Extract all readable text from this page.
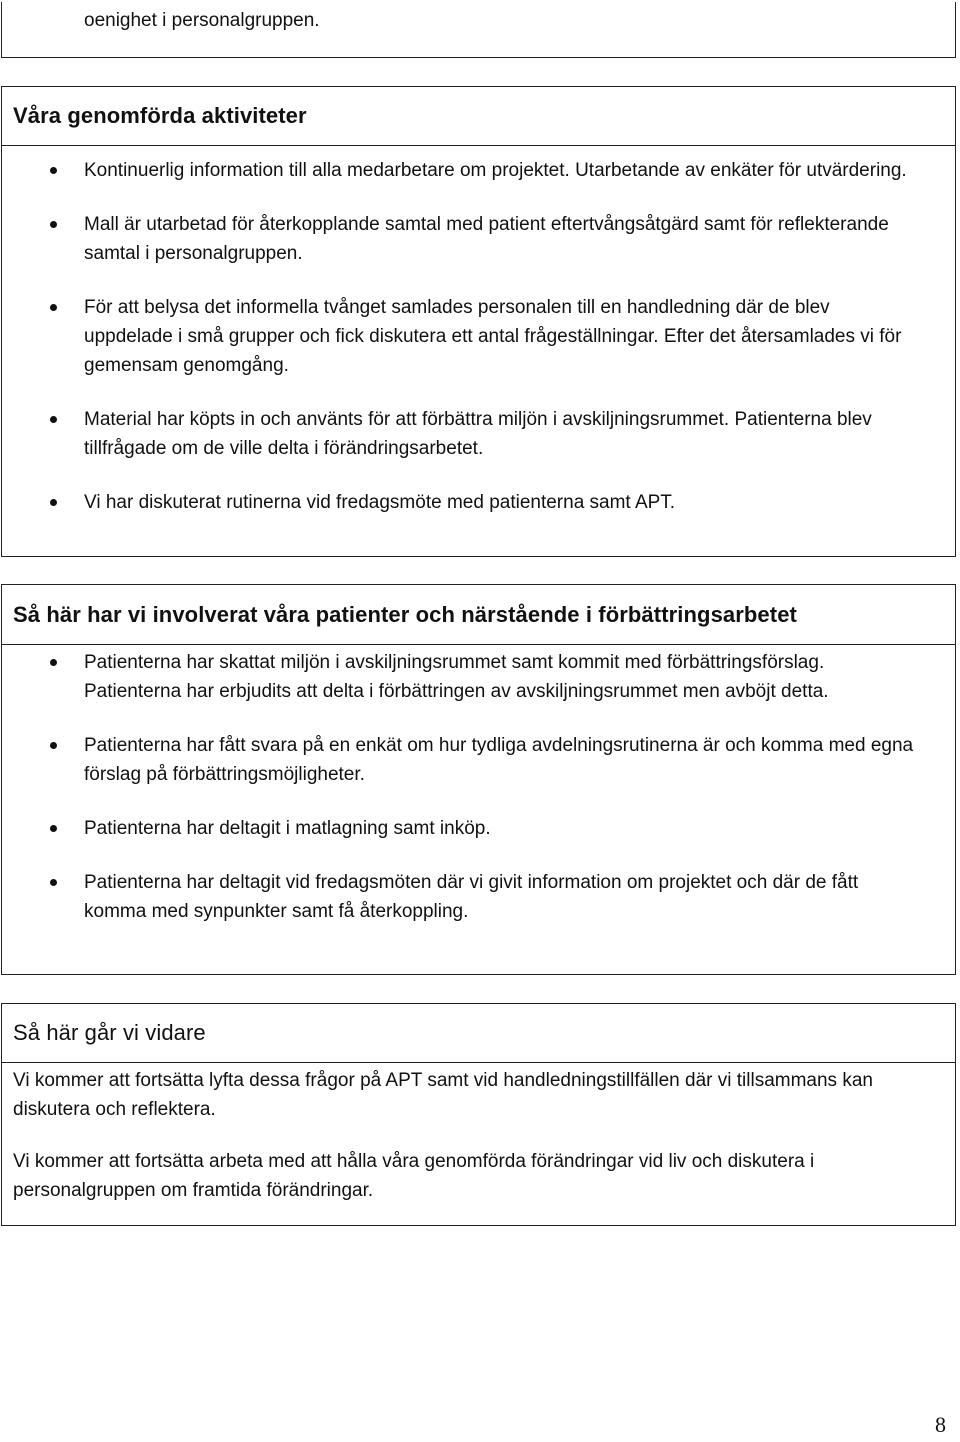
oenighet i personalgruppen.

Våra genomförda aktiviteter
Kontinuerlig information till alla medarbetare om projektet. Utarbetande av enkäter för utvärdering.
Mall är utarbetad för återkopplande samtal med patient eftertvångsåtgärd samt för reflekterande samtal i personalgruppen.
För att belysa det informella tvånget samlades personalen till en handledning där de blev uppdelade i små grupper och fick diskutera ett antal frågeställningar. Efter det återsamlades vi för gemensam genomgång.
Material har köpts in och använts för att förbättra miljön i avskiljningsrummet. Patienterna blev tillfrågade om de ville delta i förändringsarbetet.
Vi har diskuterat rutinerna vid fredagsmöte med patienterna samt APT.
Så här har vi involverat våra patienter och närstående i förbättringsarbetet
Patienterna har skattat miljön i avskiljningsrummet samt kommit med förbättringsförslag. Patienterna har erbjudits att delta i förbättringen av avskiljningsrummet men avböjt detta.
Patienterna har fått svara på en enkät om hur tydliga avdelningsrutinerna är och komma med egna förslag på förbättringsmöjligheter.
Patienterna har deltagit i matlagning samt inköp.
Patienterna har deltagit vid fredagsmöten där vi givit information om projektet och där de fått komma med synpunkter samt få återkoppling.
Så här går vi vidare

Vi kommer att fortsätta lyfta dessa frågor på APT samt vid handledningstillfällen där vi tillsammans kan diskutera och reflektera.

Vi kommer att fortsätta arbeta med att hålla våra genomförda förändringar vid liv och diskutera i personalgruppen om framtida förändringar.

8
